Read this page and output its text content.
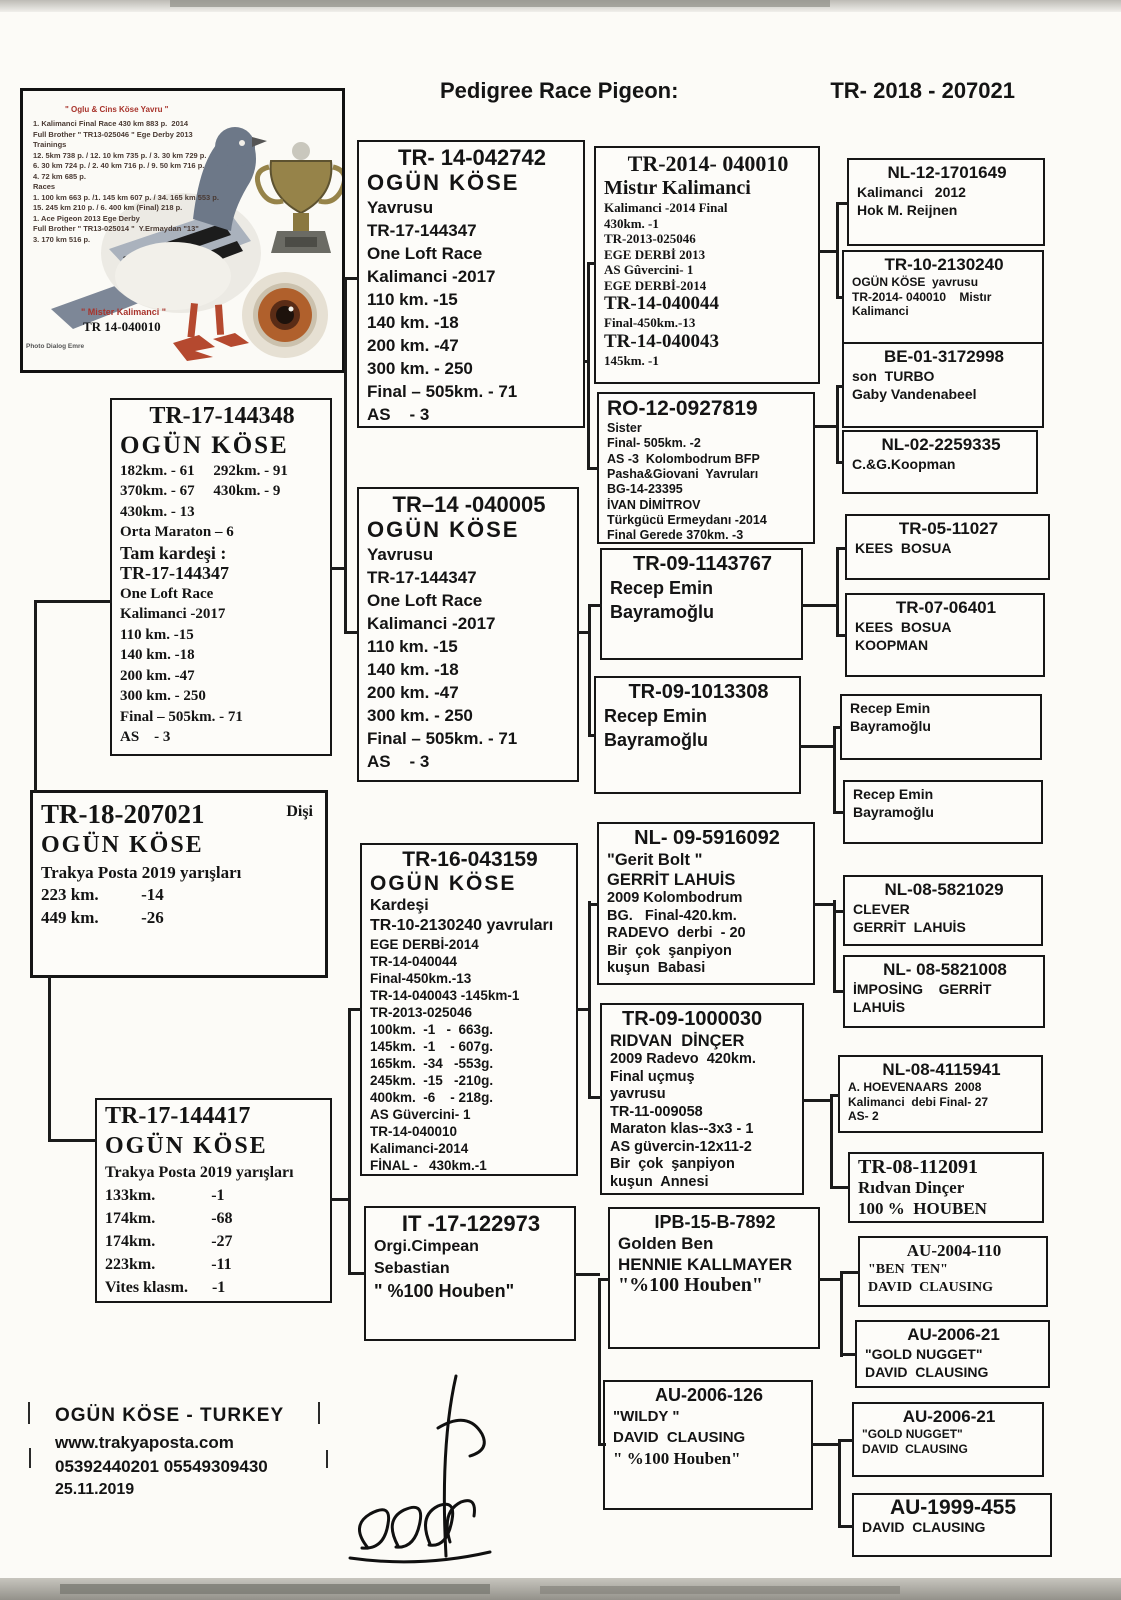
Pedigree Race Pigeon:	TR- 2018 - 207021
" Oglu & Cins Köse Yavru "
1. Kalimanci Final Race 430 km 883 p.  2014
Full Brother " TR13-025046 " Ege Derby 2013
Trainings
12. 5km 738 p. / 12. 10 km 735 p. / 3. 30 km 729 p.
6. 30 km 724 p. / 2. 40 km 716 p. / 9. 50 km 716 p.
4. 72 km 685 p.
Races
1. 100 km 663 p. /1. 145 km 607 p. / 34. 165 km 553 p.
15. 245 km 210 p. / 6. 400 km (Final) 218 p.
1. Ace Pigeon 2013 Ege Derby
Full Brother " TR13-025014 "  Y.Ermaydan "13"
3. 170 km 516 p.
" Mister Kalimanci "
TR 14-040010
Photo Dialog Emre
TR-17-144348
OGÜN KÖSE
182km. - 61     292km. - 91
370km. - 67     430km. - 9
430km. - 13
Orta Maraton – 6
Tam kardeşi :
TR-17-144347
One Loft Race
Kalimanci -2017
110 km. -15
140 km. -18
200 km. -47
300 km. - 250
Final – 505km. - 71
AS    - 3
TR-18-207021	Dişi
OGÜN KÖSE
Trakya Posta 2019 yarışları
223 km.          -14
449 km.          -26
TR-17-144417
OGÜN KÖSE
Trakya Posta 2019 yarışları
133km.              -1
174km.              -68
174km.              -27
223km.              -11
Vites klasm.      -1
TR- 14-042742
OGÜN KÖSE
Yavrusu
TR-17-144347
One Loft Race
Kalimanci -2017
110 km. -15
140 km. -18
200 km. -47
300 km. - 250
Final – 505km. - 71
AS    - 3
TR–14 -040005
OGÜN KÖSE
Yavrusu
TR-17-144347
One Loft Race
Kalimanci -2017
110 km. -15
140 km. -18
200 km. -47
300 km. - 250
Final – 505km. - 71
AS    - 3
TR-16-043159
OGÜN KÖSE
Kardeşi
TR-10-2130240 yavruları
EGE DERBİ-2014
TR-14-040044
Final-450km.-13
TR-14-040043 -145km-1
TR-2013-025046
100km.  -1   -  663g.
145km.  -1    - 607g.
165km.  -34   -553g.
245km.  -15   -210g.
400km.  -6    - 218g.
AS Güvercini- 1
TR-14-040010
Kalimanci-2014
FİNAL -   430km.-1
IT -17-122973
Orgi.Cimpean
Sebastian
" %100 Houben"
TR-2014- 040010
Mistır Kalimanci
Kalimanci -2014 Final
430km. -1
TR-2013-025046
EGE DERBİ 2013
AS Gûvercini- 1
EGE DERBİ-2014
TR-14-040044
Final-450km.-13
TR-14-040043
145km. -1
RO-12-0927819
Sister
Final- 505km. -2
AS -3  Kolombodrum BFP
Pasha&Giovani  Yavruları
BG-14-23395
İVAN DİMİTROV
Türkgücü Ermeydanı -2014
Final Gerede 370km. -3
TR-09-1143767
Recep Emin
Bayramoğlu
TR-09-1013308
Recep Emin
Bayramoğlu
NL- 09-5916092
"Gerit Bolt "
GERRİT LAHUİS
2009 Kolombodrum
BG.   Final-420.km.
RADEVO  derbi  - 20
Bir  çok  şanpiyon
kuşun  Babasi
TR-09-1000030
RIDVAN  DİNÇER
2009 Radevo  420km.
Final uçmuş
yavrusu
TR-11-009058
Maraton klas--3x3 - 1
AS güvercin-12x11-2
Bir  çok  şanpiyon
kuşun  Annesi
IPB-15-B-7892
Golden Ben
HENNIE KALLMAYER
"%100 Houben"
AU-2006-126
"WILDY "
DAVID  CLAUSING
" %100 Houben"
NL-12-1701649
Kalimanci   2012
Hok M. Reijnen
TR-10-2130240
OGÜN KÖSE  yavrusu
TR-2014- 040010    Mistır
Kalimanci
BE-01-3172998
son  TURBO
Gaby Vandenabeel
NL-02-2259335
C.&G.Koopman
TR-05-11027
KEES  BOSUA
TR-07-06401
KEES  BOSUA
KOOPMAN
Recep Emin
Bayramoğlu
Recep Emin
Bayramoğlu
NL-08-5821029
CLEVER
GERRİT  LAHUİS
NL- 08-5821008
İMPOSİNG    GERRİT
LAHUİS
NL-08-4115941
A. HOEVENAARS  2008
Kalimanci  debi Final- 27
AS- 2
TR-08-112091
Rıdvan Dinçer
100 %  HOUBEN
AU-2004-110
"BEN  TEN"
DAVID  CLAUSING
AU-2006-21
"GOLD NUGGET"
DAVID  CLAUSING
AU-2006-21
"GOLD NUGGET"
DAVID  CLAUSING
AU-1999-455
DAVID  CLAUSING
OGÜN KÖSE - TURKEY
www.trakyaposta.com
05392440201 05549309430
25.11.2019
